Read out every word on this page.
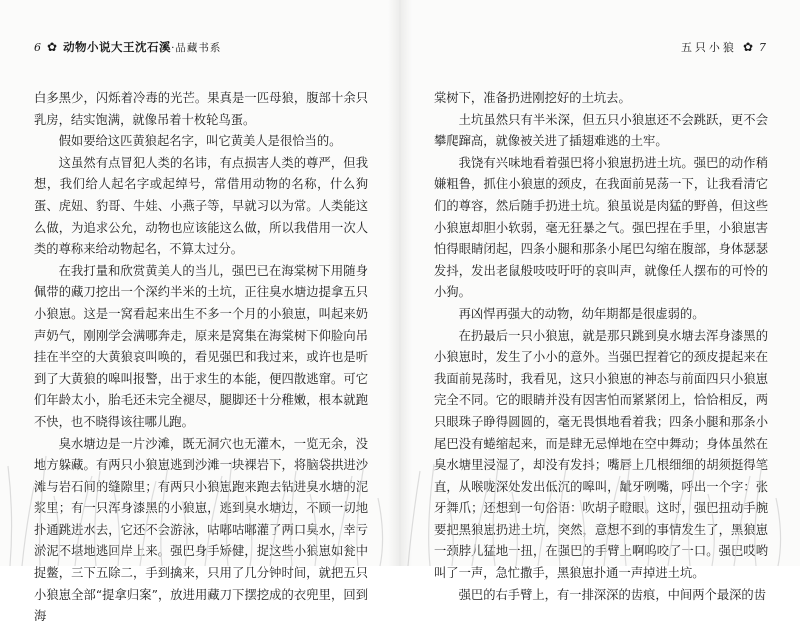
6 ✿ 动物小说大王沈石溪 ·品藏书系

白多黑少，闪烁着冷毒的光芒。果真是一匹母狼，腹部十余只乳房，结实饱满，就像吊着十枚轮鸟蛋。

假如要给这匹黄狼起名字，叫它黄美人是很恰当的。

这虽然有点冒犯人类的名讳，有点损害人类的尊严，但我想，我们给人起名字或起绰号，常借用动物的名称，什么狗蛋、虎妞、豹哥、牛娃、小燕子等，早就习以为常。人类能这么做，为追求公允，动物也应该能这么做，所以我借用一次人类的尊称来给动物起名，不算太过分。

在我打量和欣赏黄美人的当儿，强巴已在海棠树下用随身佩带的藏刀挖出一个深约半米的土坑，正往臭水塘边提拿五只小狼崽。这是一窝看起来出生不多一个月的小狼崽，叫起来奶声奶气，刚刚学会满哪奔走，原来是窝集在海棠树下仰脸向吊挂在半空的大黄狼哀叫唤的，看见强巴和我过来，或许也是听到了大黄狼的嗥叫报警，出于求生的本能，便四散逃窜。可它们年龄太小，胎毛还未完全褪尽，腿脚还十分稚嫩，根本就跑不快，也不晓得该往哪儿跑。

臭水塘边是一片沙滩，既无洞穴也无灌木，一览无余，没地方躲藏。有两只小狼崽逃到沙滩一块裸岩下，将脑袋拱进沙滩与岩石间的缝隙里；有两只小狼崽跑来跑去钻进臭水塘的泥浆里；有一只浑身漆黑的小狼崽，逃到臭水塘边，不顾一切地扑通跳进水去，它还不会游泳，咕嘟咕嘟灌了两口臭水，幸亏淤泥不堪地逃回岸上来。强巴身手矫健，捉这些小狼崽如瓮中捉鳖，三下五除二，手到擒来，只用了几分钟时间，就把五只小狼崽全部“提拿归案”，放进用藏刀下摆挖成的衣兜里，回到海

五只小狼 ✿ 7

棠树下，准备扔进刚挖好的土坑去。

土坑虽然只有半米深，但五只小狼崽还不会跳跃，更不会攀爬蹿高，就像被关进了插翅难逃的土牢。

我饶有兴味地看着强巴将小狼崽扔进土坑。强巴的动作稍嫌粗鲁，抓住小狼崽的颈皮，在我面前晃荡一下，让我看清它们的尊容，然后随手扔进土坑。狼虽说是肉猛的野兽，但这些小狼崽却胆小软弱，毫无狂暴之气。强巴捏在手里，小狼崽害怕得眼睛闭起，四条小腿和那条小尾巴勾缩在腹部，身体瑟瑟发抖，发出老鼠般吱吱吁吁的哀叫声，就像任人摆布的可怜的小狗。

再凶悍再强大的动物，幼年期都是很虚弱的。

在扔最后一只小狼崽，就是那只跳到臭水塘去浑身漆黑的小狼崽时，发生了小小的意外。当强巴捏着它的颈皮提起来在我面前晃荡时，我看见，这只小狼崽的神态与前面四只小狼崽完全不同。它的眼睛并没有因害怕而紧紧闭上，恰恰相反，两只眼珠子睁得圆圆的，毫无畏惧地看着我；四条小腿和那条小尾巴没有蜷缩起来，而是肆无忌惮地在空中舞动；身体虽然在臭水塘里浸湿了，却没有发抖；嘴唇上几根细细的胡须挺得笔直，从喉咙深处发出低沉的嗥叫，龇牙咧嘴，呼出一个字：张牙舞爪；还想到一句俗语：吹胡子瞪眼。这时，强巴扭动手腕要把黑狼崽扔进土坑，突然，意想不到的事情发生了，黑狼崽一颈脖儿猛地一扭，在强巴的手臂上啊呜咬了一口。强巴哎哟叫了一声，急忙撒手，黑狼崽扑通一声掉进土坑。

强巴的右手臂上，有一排深深的齿痕，中间两个最深的齿
